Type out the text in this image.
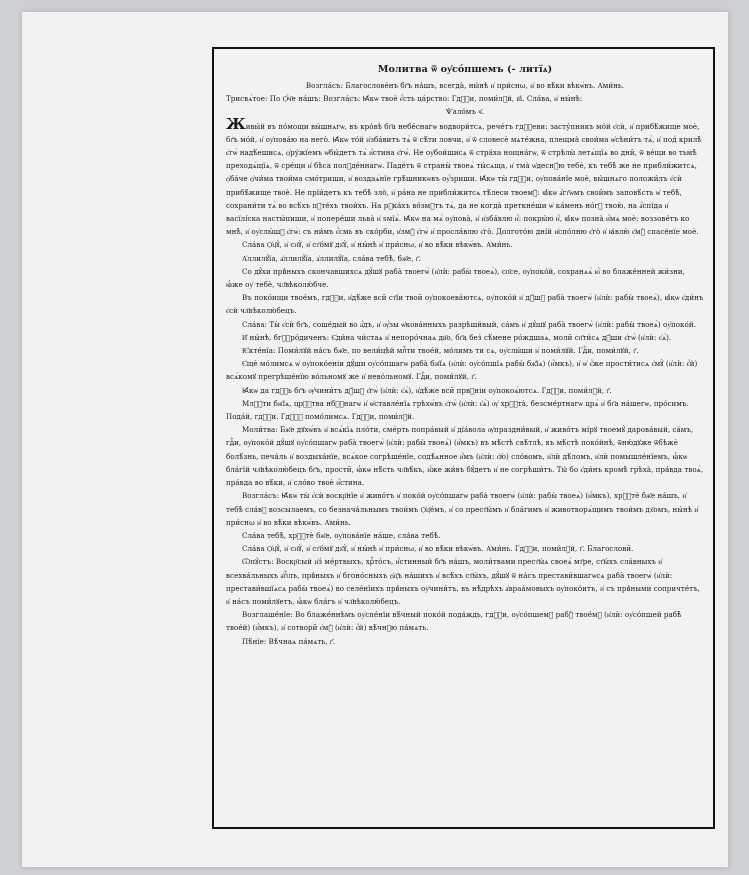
Молитва ѿ оу҆со́пшемъ (- литїѧ)

Возгла́съ: Благослове́нъ бг҃ъ на́шъ, всегда̀, ны́нѣ и҆ при́снω, и҆ во вѣ́ки вѣкѡ́въ. А҆ми́нь.

Трисвѧ́тое: По Ѻ҆́ч҃е на́шъ: Возгла́съ: Ꙗ҆́кѡ твоѐ є҆́сть ца́рство: Гдⷭ҇и, поми́лꙋй, в҃і. Сла́ва, и҆ ны́нѣ:

Ѱало́мъ ч҃.

Живы́й въ по́мощи вы́шнѧгѡ, въ кро́вѣ бг҃а небе́снагѡ водвори́тсѧ, рече́тъ гдⷭ҇еви: засту́пникъ мо́й є҆сѝ, и҆ прибѣ́жище моѐ, бг҃ъ мо́й, и҆ оу҆пова́ю на него̀. Ꙗ҆́кѡ то́й и҆зба́витъ тѧ̀ ѿ сѣ́ти ловчи, и҆ ѿ словесѐ мѧте́жна, плещма̀ свои́ма ѡ҆сѣни́тъ тѧ̀, и҆ под̾ крилѣ̀ є҆гѡ̀ надѣ́ешисѧ, ѻ҆ру́жїемъ ѡ҆бы́детъ тѧ̀ и҆́стина є҆гѡ̀. Не оу҆бои́шисѧ ѿ стра́ха нощна́гѡ, ѿ стрѣлы̀ летѧ́щїѧ во дни̑, ѿ ве́щи во тьмѣ̀ преходѧ́щїѧ, ѿ сре́щи и҆ бѣса полꙋде́ннагѡ. Паде́тъ ѿ страны̀ твоеѧ̀ ты́сѧща, и҆ тма̀ ѡ҆деснꙋ́ю тебѐ, къ тебѣ̀ же не прибли́житсѧ, ѻ҆ба́че ѻ҆чи́ма твои́ма смо́триши, и҆ воздаѧ́нїе грѣ́шникѡвъ оу҆́зриши. Ꙗ҆́кѡ ты̀ гдⷭ҇и, оу҆пова́нїе моѐ, вы́шнѧго положи́лъ є҆сѝ прибѣ́жище твоѐ. Не прїи́детъ къ тебѣ̀ зло̀, и҆ ра́на не прибли́житсѧ тѣ́леси твоемꙋ̀: ꙗ҆́кѡ а҆́гг҃ѡмъ свои̑мъ заповѣ́сть ѡ҆ тебѣ̀, сохрани́ти тѧ̀ во всѣ́хъ пꙋте́хъ твои́хъ. На рꙋка́хъ во́змꙋтъ тѧ̀, да не когда̀ преткне́ши ѡ҆ ка́мень но́гꙋ твою̀, на а҆́спїда и҆ васїлі́ска насты́пиши, и҆ попере́ши льва̀ и҆ ѕмїѧ̀. Ꙗ҆́кѡ на мѧ̀ оу҆пова̀, и҆ и҆зба́влю и҆̀: покры́ю и҆̀, ꙗ҆́кѡ позна̀ и҆́мѧ моѐ: воззове́тъ ко мнѣ̀, и҆ оу҆слы́шꙋ є҆гѡ̀: съ ни́мъ є҆́смь въ ско́рби, и҆змꙋ̀ є҆гѡ̀ и҆ просла́влю є҆го̀. Долгото́ю дні́й и҆спо́лню є҆го̀ и҆ ꙗ҆влю̀ є҆мꙋ̀ спасе́нїе моѐ.

Сла́ва Ѻ҆ц҃ꙋ̀, и҆ сн҃ꙋ̀, и҆ ст҃о́мꙋ дх҃ꙋ̀, и҆ ны́нѣ и҆ при́снω, и҆ во вѣ́ки вѣкѡ́въ. А҆ми́нь.

А҆ллилꙋ́їа, а҆ллилꙋ́їа, а҆ллилꙋ́їа, сла́ва тебѣ̀, бж҃е, г҃.

Со дꙋ́хи првⷣныхъ скончавшихсѧ дꙋ́шꙋ раба̀ твоегѡ̀ (и҆лѝ: рабы̀ твоеѧ̀), сп҃се, оу҆поко́й, сохранѧѧ̀ ю҆̀ во блаже́нней жи́зни, ꙗ҆́же оу҆ тебѐ, чл҃вѣколю́бче.

Въ поко́ищи твое́мъ, гдⷭ҇и, и҆дѣ́же вси̑ ст҃і́и твои̑ оу҆покоева́ютсѧ, оу҆поко́й и҆ дꙋ́шꙋ раба̀ твоегѡ̀ (и҆лѝ: рабы̀ твоеѧ̀), ꙗ҆́кѡ є҆ди́нъ є҆сѝ чл҃вѣколю́бецъ.

Сла́ва: Ты̀ є҆сѝ бг҃ъ, соше́дый во а҆́дъ, и҆ ѹ҆́зы ѡ҆кова́нныхъ разрѣши́вый, са́мъ и҆ дꙋ́шꙋ раба̀ твоегѡ̀ (и҆лѝ: рабы̀ твоеѧ̀) оу҆поко́й.

И҆ ны́нѣ, бгⷪ҇ро́диченъ: Є҆ди́на чи́стаѧ и҆ непоро́чнаѧ дв҃о, бг҃а без̾ сѣ́мене ро́ждшаѧ, моли̑ сп҃ти́сѧ дꙋ́ши є҆гѡ̀ (и҆лѝ: є҆ѧ̀).

Ѥ҆кте́нїа: Поми́лꙋй на́съ бж҃е, по вели́цѣй млⷭ҇ти твое́й, мо́лимъ ти сѧ, оу҆слы́ши и҆ поми́лꙋй. Гдⷭ҇и, поми́лꙋй, г҃.

Є҆щѐ мо́лимсѧ ѡ҆ оу҆поко́еніи дꙋ́ши оу҆со́пшагѡ раба̀ бж҃їѧ (и҆лѝ: оу҆со́пшїѧ рабы̀ бж҃їѧ) (и҆́мкъ), и҆ ѡ҆ є҆́же прости́тисѧ є҆мꙋ̀ (и҆лѝ: є҆́й) всѧ́комꙋ прегрѣше́нїю во́льномꙋ же и҆ нево́льномꙋ. Гдⷭ҇и, поми́лꙋй, г҃.

Ꙗ҆́кѡ да гдⷭ҇ь бг҃ъ ѹ҆чини́тъ дꙋ́шꙋ є҆гѡ̀ (и҆лѝ: є҆ѧ̀), и҆дѣ́же вси̑ првⷣніи оу҆покоѧ́ютсѧ. Гдⷭ҇и, поми́лꙋй, г҃.

Млⷭ҇ти бж҃їѧ, црⷭ҇тва нбⷭ҇нагѡ и҆ ѡ҆ставле́нїѧ грѣхѡ́въ є҆гѡ̀ (и҆лѝ: є҆ѧ̀) ѹ҆ хрⷭ҇та̀, безсме́ртнагѡ црѧ̀ и҆ бг҃а на́шегѡ, про́симъ. Пода́й, гдⷭ҇и. Гдⷭ҇ꙋ помо́лимсѧ. Гдⷭ҇и, поми́лꙋй.

Моли́тва: Бж҃е дꙋхѡ́въ и҆ всѧ́кїѧ пло́ти, сме́рть попра́вый и҆ дїа́вола ѹ҆праздни́вый, и҆ живо́тъ мі́рꙋ твоемꙋ̀ дарова́вый, са́мъ, гдⷭ҇и, оу҆поко́й дꙋ́шꙋ оу҆со́пшагѡ раба̀ твоегѡ̀ (и҆лѝ: рабы̀ твоеѧ̀) (и҆́мкъ) въ мѣ́стѣ свѣ́тлѣ, въ мѣ́стѣ поко́йнѣ, ѿню́дꙋже ѿбѣжѐ болѣ́знь, печа́ль и҆ воздыха́нїе, всѧ́кое согрѣше́нїе, содѣ́ѧнное и҆́мъ (и҆лѝ: є҆ю̀) сло́вомъ, и҆лѝ дѣ́ломъ, и҆лѝ помышле́нїемъ, ꙗ҆́кѡ бла́гїй чл҃вѣколю́бецъ бг҃ъ, прости̑, ꙗ҆́кѡ нѣ́сть чл҃вѣ́къ, и҆́же жи́въ бꙋ́детъ и҆ не согрѣши́тъ. Ты́ бо є҆ди́нъ кромѣ̀ грѣха̀, пра́вда твоѧ̀, пра́вда во вѣ́ки, и҆ сло́во твоѐ и҆́стина.

Возгла́съ: Ꙗ҆́кѡ ты̀ є҆сѝ воскр҃нїе и҆ живо́тъ и҆ поко́й оу҆со́пшагѡ раба̀ твоегѡ̀ (и҆лѝ: рабы̀ твоеѧ̀) (и҆́мкъ), хрⷭ҇тѐ бж҃е на́шъ, и҆ тебѣ̀ сла́вꙋ возсылаемъ, со безнача́льнымъ твои́мъ Ѻ҆ц҃е́мъ, и҆ со прест҃ы́мъ и҆ бла́гимъ и҆ животворѧ́щимъ твои́мъ дх҃омъ, ны́нѣ и҆ при́снω и҆ во вѣ́ки вѣкѡ́въ. А҆ми́нь.

Сла́ва тебѣ̀, хрⷭ҇тѐ бж҃е, оу҆пова́нїе на́ше, сла́ва тебѣ̀.

Сла́ва Ѻ҆ц҃ꙋ̀, и҆ сн҃ꙋ̀, и҆ ст҃о́мꙋ дх҃ꙋ̀, и҆ ны́нѣ и҆ при́снω, и҆ во вѣ́ки вѣкѡ́въ. А҆ми́нь. Гдⷭ҇и, поми́лꙋй, г҃. Благослови̑.

Ѿпꙋ́стъ: Воскр҃сый и҆з̾ ме́ртвыхъ, хрⷭ҇то́съ, и҆́стинный бг҃ъ на́шъ, моли́твами прест҃ы́ѧ своеѧ̀ мт҃ре, ст҃ы́хъ сла́вныхъ и҆ всехва́льныхъ а҆пⷭ҇лъ, првⷣныхъ и҆ бгоно́сныхъ ѻ҆ц҃ъ на́шихъ и҆ всѣ́хъ ст҃ы́хъ, дꙋ́шꙋ ѿ на́съ престави́вшагѡсѧ раба̀ твоегѡ̀ (и҆лѝ: престави́вшїѧсѧ рабы̀ твоеѧ̀) во селе́нїихъ првⷣныхъ оу҆чини́тъ, въ нѣ́дрѣхъ а҆враа́мовыхъ оу҆поко́итъ, и҆ съ првⷣными сопричте́тъ, и҆ на́съ поми́лꙋетъ, ꙗ҆́кѡ бла́гъ и҆ чл҃вѣколю́бецъ.

Возглаше́нїе: Во блаже́ннѣмъ оу҆спе́нїи вѣ́чный поко́й пода́ждь, гдⷭ҇и, оу҆со́пшемꙋ рабꙋ̀ твое́мꙋ (и҆лѝ: оу҆со́пшей рабѣ̀ твое́й) (и҆́мкъ), и҆ сотвори̑ є҆мꙋ̀ (и҆лѝ: є҆́й) вѣ́чнꙋю па́мѧть.

Пѣ́нїе: Вѣ́чнаѧ па́мѧть, г҃.
